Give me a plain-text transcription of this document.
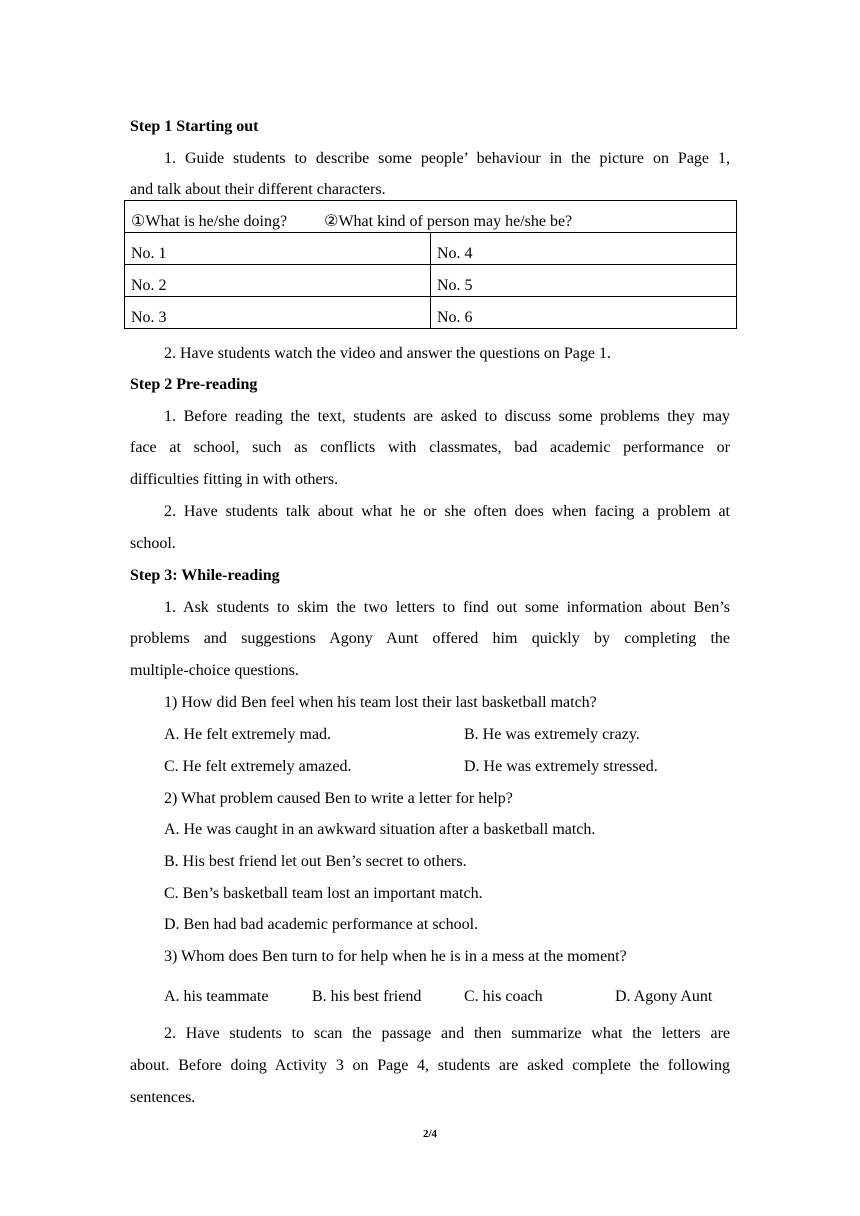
Step 1 Starting out
1. Guide students to describe some people’ behaviour in the picture on Page 1,
and talk about their different characters.
①What is he/she doing? ②What kind of person may he/she be?	
No. 1	No. 4
No. 2	No. 5
No. 3	No. 6
2. Have students watch the video and answer the questions on Page 1.
Step 2 Pre-reading
1. Before reading the text, students are asked to discuss some problems they may
face at school, such as conflicts with classmates, bad academic performance or
difficulties fitting in with others.
2. Have students talk about what he or she often does when facing a problem at
school.
Step 3: While-reading
1. Ask students to skim the two letters to find out some information about Ben’s
problems and suggestions Agony Aunt offered him quickly by completing the
multiple-choice questions.
1) How did Ben feel when his team lost their last basketball match?
A. He felt extremely mad.	B. He was extremely crazy.
C. He felt extremely amazed.	D. He was extremely stressed.
2) What problem caused Ben to write a letter for help?
A. He was caught in an awkward situation after a basketball match.
B. His best friend let out Ben’s secret to others.
C. Ben’s basketball team lost an important match.
D. Ben had bad academic performance at school.
3) Whom does Ben turn to for help when he is in a mess at the moment?
A. his teammate	B. his best friend	C. his coach	D. Agony Aunt
2. Have students to scan the passage and then summarize what the letters are
about. Before doing Activity 3 on Page 4, students are asked complete the following
sentences.
2/4
